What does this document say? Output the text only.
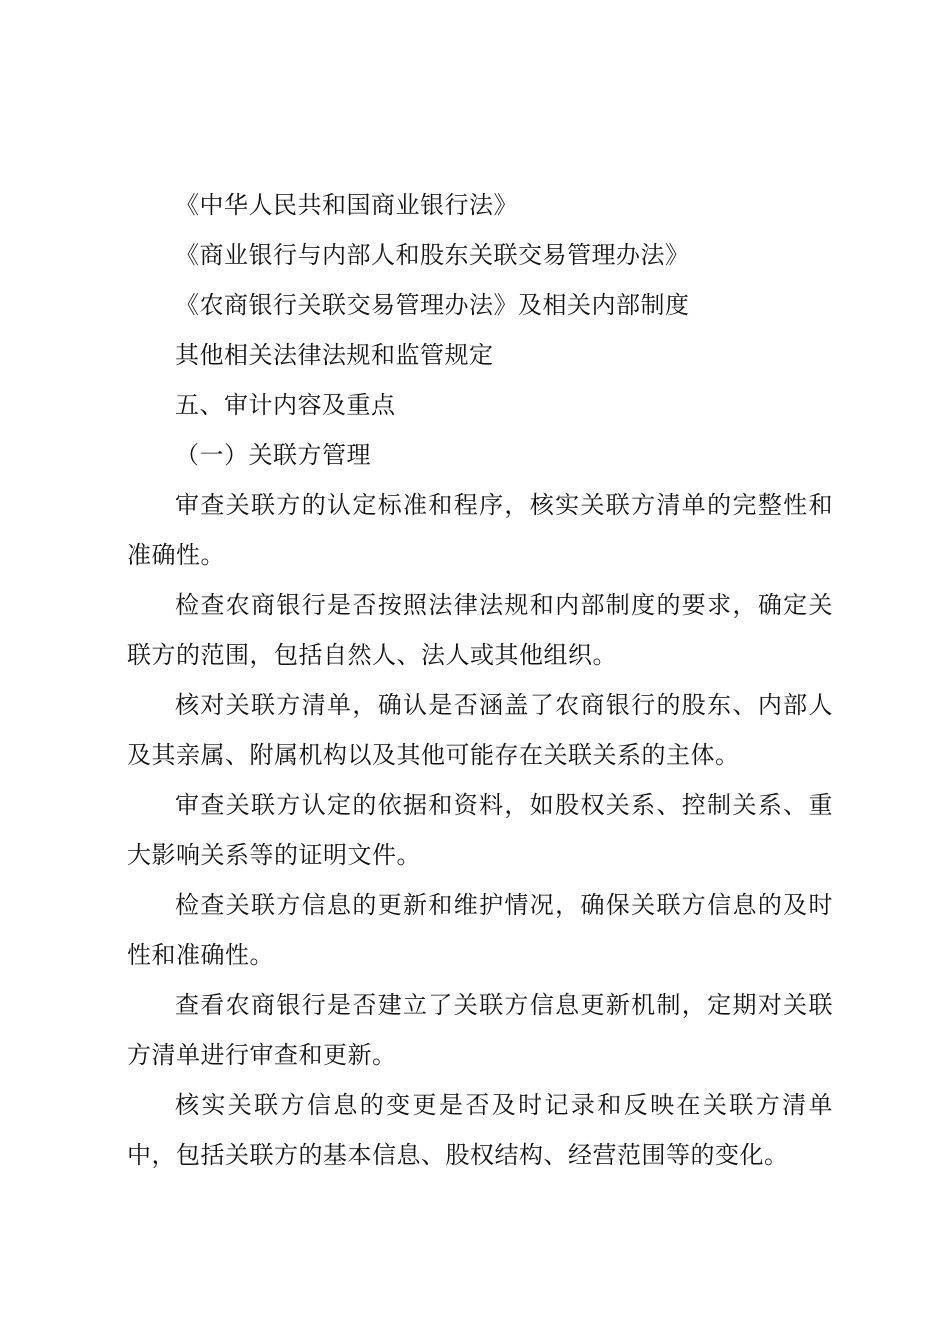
《中华人民共和国商业银行法》

《商业银行与内部人和股东关联交易管理办法》

《农商银行关联交易管理办法》及相关内部制度

其他相关法律法规和监管规定

五、审计内容及重点

（一）关联方管理

审查关联方的认定标准和程序，核实关联方清单的完整性和准确性。

检查农商银行是否按照法律法规和内部制度的要求，确定关联方的范围，包括自然人、法人或其他组织。

核对关联方清单，确认是否涵盖了农商银行的股东、内部人及其亲属、附属机构以及其他可能存在关联关系的主体。

审查关联方认定的依据和资料，如股权关系、控制关系、重大影响关系等的证明文件。

检查关联方信息的更新和维护情况，确保关联方信息的及时性和准确性。

查看农商银行是否建立了关联方信息更新机制，定期对关联方清单进行审查和更新。

核实关联方信息的变更是否及时记录和反映在关联方清单中，包括关联方的基本信息、股权结构、经营范围等的变化。
